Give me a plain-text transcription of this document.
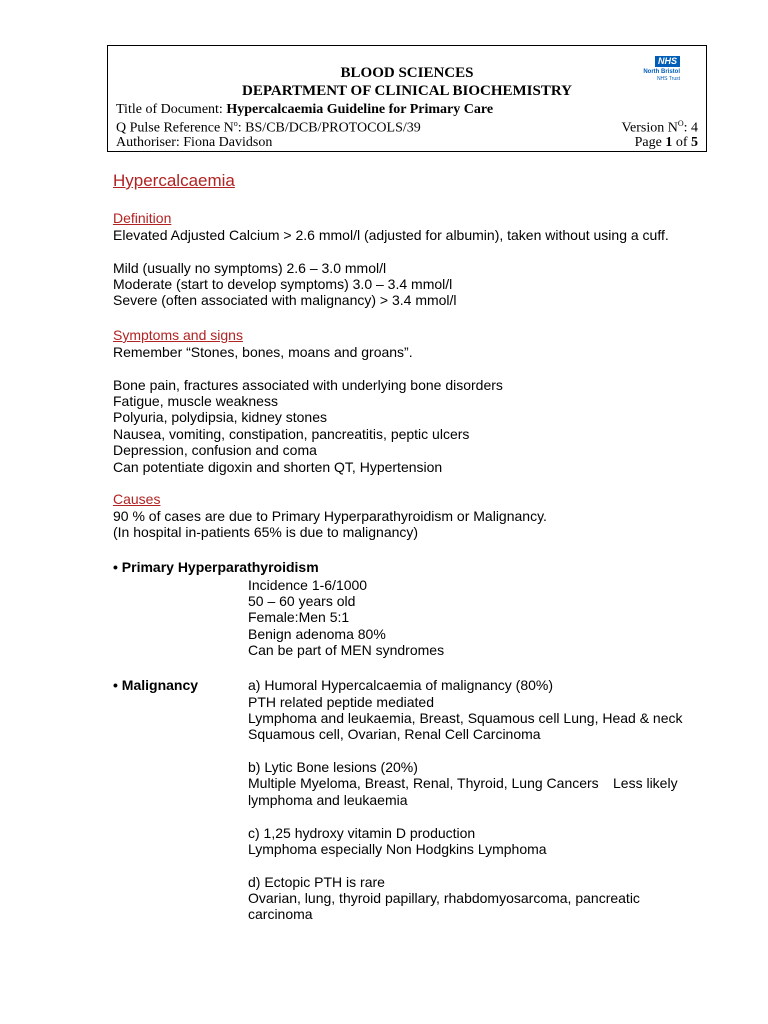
NHS
North Bristol
NHS Trust
BLOOD SCIENCES
DEPARTMENT OF CLINICAL BIOCHEMISTRY
Title of Document: Hypercalcaemia Guideline for Primary Care
Q Pulse Reference $N^o$: BS/CB/DCB/PROTOCOLS/39	Version $N^O$: 4
Authoriser: Fiona Davidson	Page 1 of 5
Hypercalcaemia
Definition
Elevated Adjusted Calcium > 2.6 mmol/l (adjusted for albumin), taken without using a cuff.
Mild (usually no symptoms) 2.6 – 3.0 mmol/l
Moderate (start to develop symptoms) 3.0 – 3.4 mmol/l
Severe (often associated with malignancy) > 3.4 mmol/l
Symptoms and signs
Remember “Stones, bones, moans and groans”.
Bone pain, fractures associated with underlying bone disorders
Fatigue, muscle weakness
Polyuria, polydipsia, kidney stones
Nausea, vomiting, constipation, pancreatitis, peptic ulcers
Depression, confusion and coma
Can potentiate digoxin and shorten QT, Hypertension
Causes
90 % of cases are due to Primary Hyperparathyroidism or Malignancy.
(In hospital in-patients 65% is due to malignancy)
• Primary Hyperparathyroidism
Incidence 1-6/1000
50 – 60 years old
Female:Men 5:1
Benign adenoma 80%
Can be part of MEN syndromes
• Malignancy	a) Humoral Hypercalcaemia of malignancy (80%)
PTH related peptide mediated
Lymphoma and leukaemia, Breast, Squamous cell Lung, Head & neck
Squamous cell, Ovarian, Renal Cell Carcinoma
b) Lytic Bone lesions (20%)
Multiple Myeloma, Breast, Renal, Thyroid, Lung Cancers Less likely
lymphoma and leukaemia
c) 1,25 hydroxy vitamin D production
Lymphoma especially Non Hodgkins Lymphoma
d) Ectopic PTH is rare
Ovarian, lung, thyroid papillary, rhabdomyosarcoma, pancreatic
carcinoma
